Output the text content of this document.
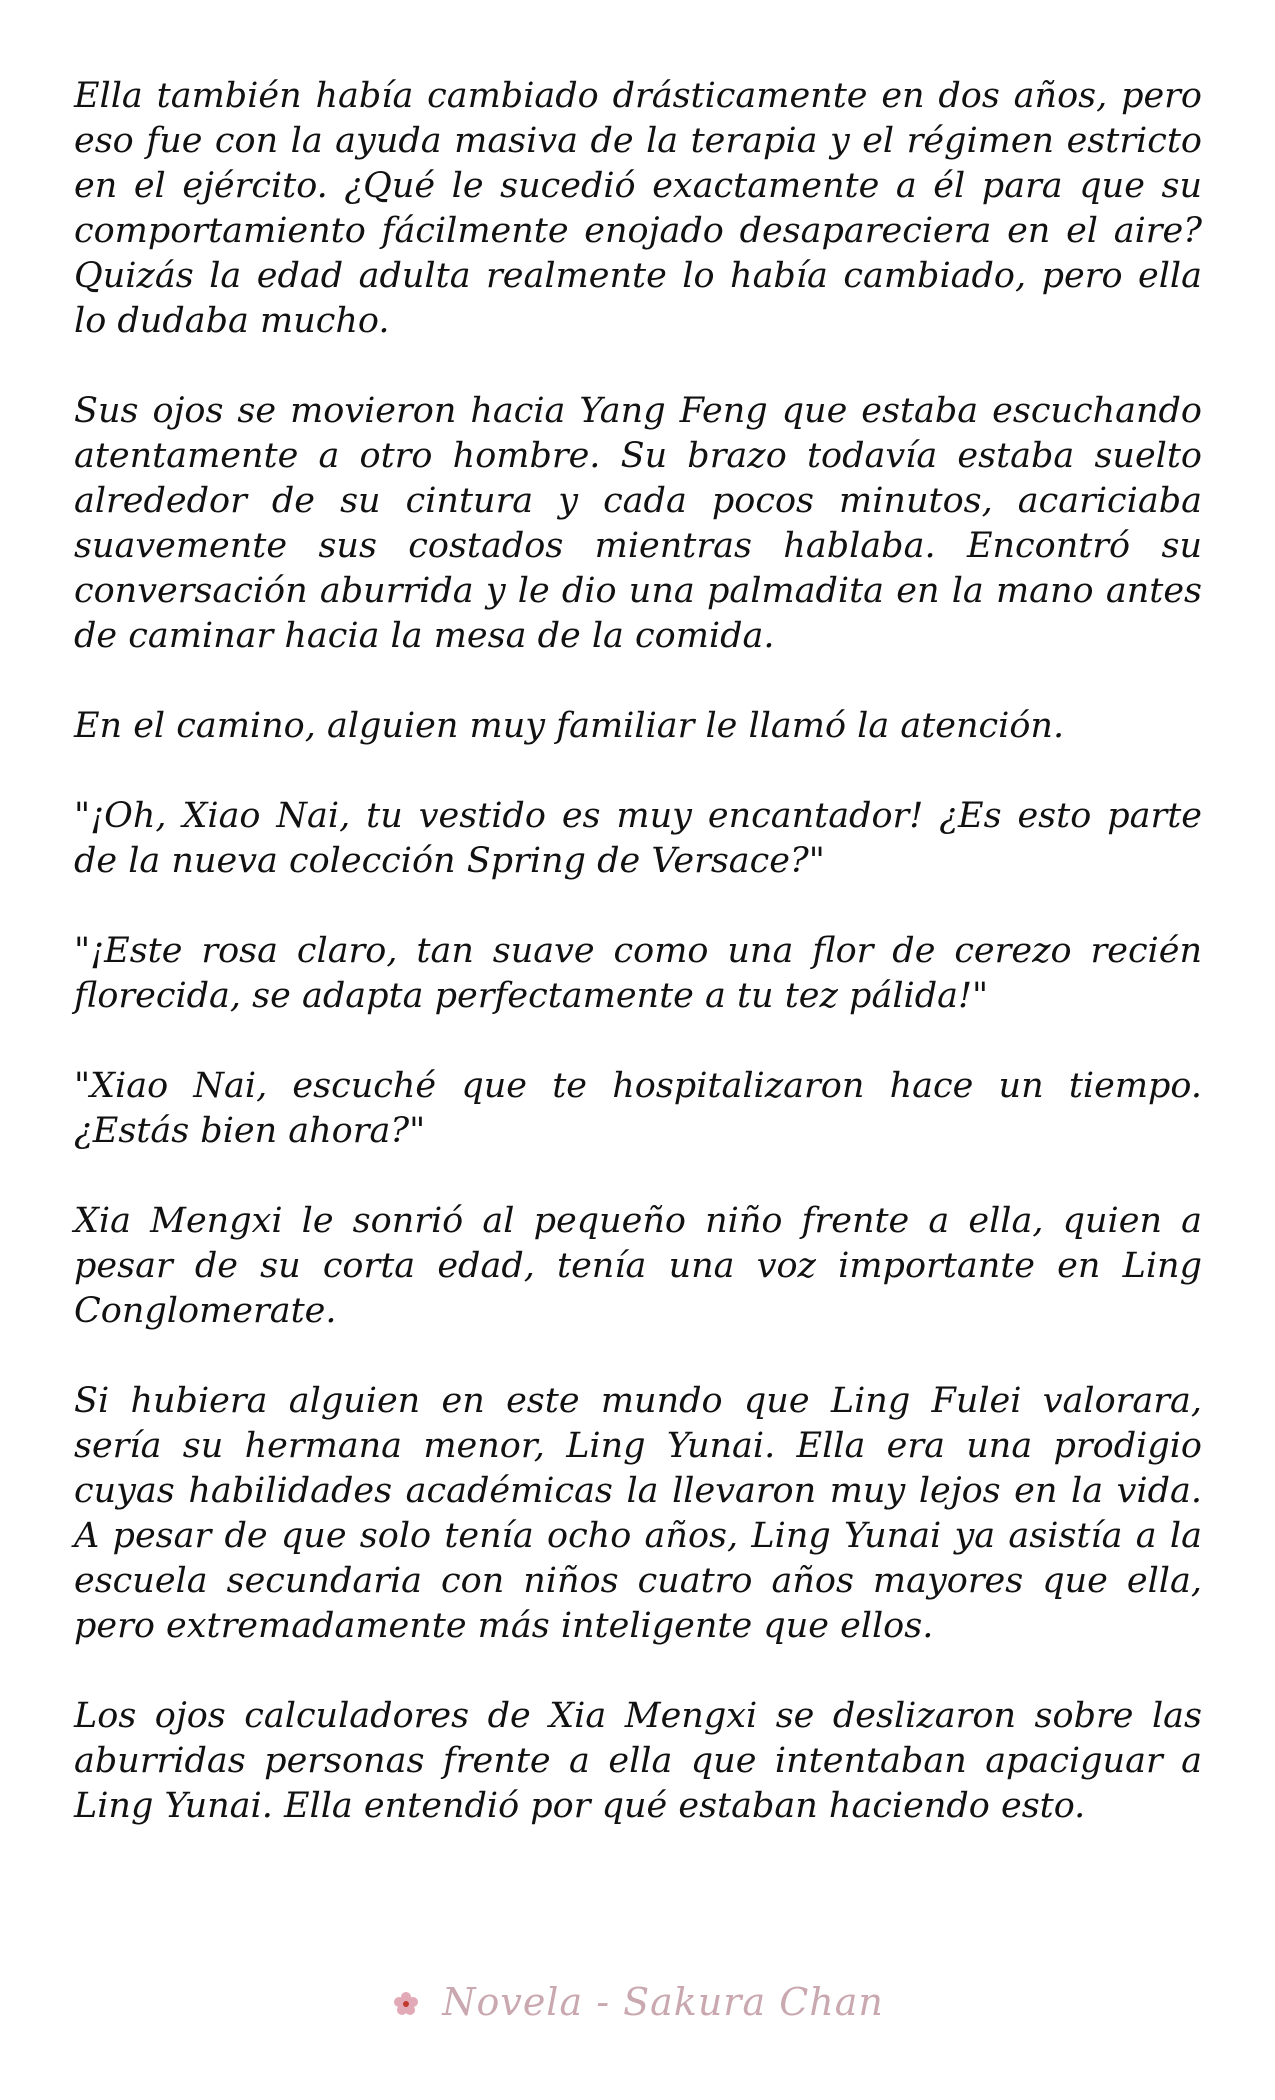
Ella también había cambiado drásticamente en dos años, pero eso fue con la ayuda masiva de la terapia y el régimen estricto en el ejército. ¿Qué le sucedió exactamente a él para que su comportamiento fácilmente enojado desapareciera en el aire? Quizás la edad adulta realmente lo había cambiado, pero ella lo dudaba mucho.

Sus ojos se movieron hacia Yang Feng que estaba escuchando atentamente a otro hombre. Su brazo todavía estaba suelto alrededor de su cintura y cada pocos minutos, acariciaba suavemente sus costados mientras hablaba. Encontró su conversación aburrida y le dio una palmadita en la mano antes de caminar hacia la mesa de la comida.

En el camino, alguien muy familiar le llamó la atención.

"¡Oh, Xiao Nai, tu vestido es muy encantador! ¿Es esto parte de la nueva colección Spring de Versace?"

"¡Este rosa claro, tan suave como una flor de cerezo recién florecida, se adapta perfectamente a tu tez pálida!"

"Xiao Nai, escuché que te hospitalizaron hace un tiempo. ¿Estás bien ahora?"

Xia Mengxi le sonrió al pequeño niño frente a ella, quien a pesar de su corta edad, tenía una voz importante en Ling Conglomerate.

Si hubiera alguien en este mundo que Ling Fulei valorara, sería su hermana menor, Ling Yunai. Ella era una prodigio cuyas habilidades académicas la llevaron muy lejos en la vida. A pesar de que solo tenía ocho años, Ling Yunai ya asistía a la escuela secundaria con niños cuatro años mayores que ella, pero extremadamente más inteligente que ellos.

Los ojos calculadores de Xia Mengxi se deslizaron sobre las aburridas personas frente a ella que intentaban apaciguar a Ling Yunai. Ella entendió por qué estaban haciendo esto.

Novela - Sakura Chan
